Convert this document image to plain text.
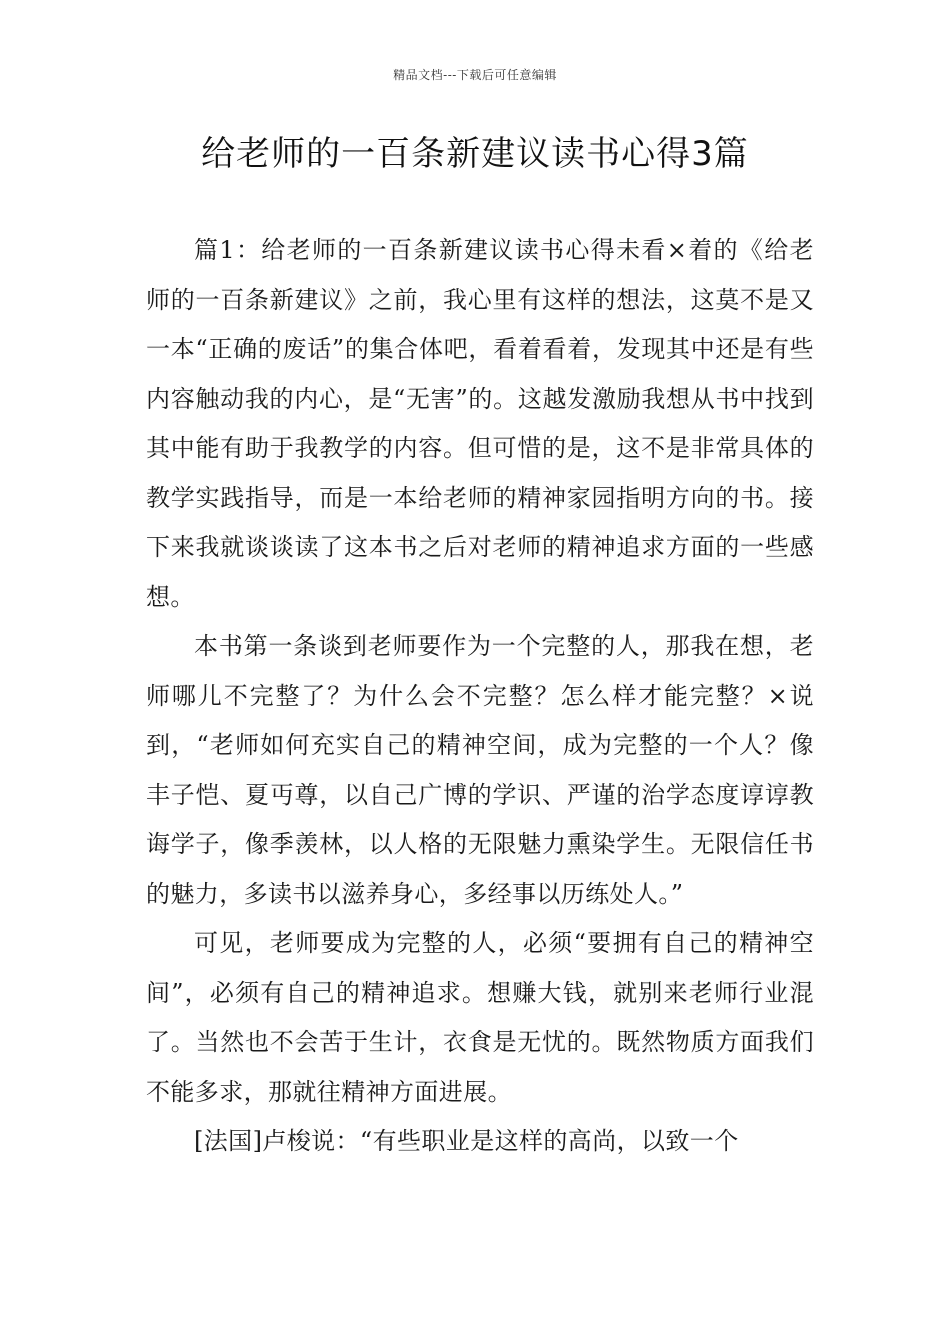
精品文档---下载后可任意编辑
给老师的一百条新建议读书心得3篇

篇1：给老师的一百条新建议读书心得未看×着的《给老师的一百条新建议》之前，我心里有这样的想法，这莫不是又一本“正确的废话”的集合体吧，看着看着，发现其中还是有些内容触动我的内心，是“无害”的。这越发激励我想从书中找到其中能有助于我教学的内容。但可惜的是，这不是非常具体的教学实践指导，而是一本给老师的精神家园指明方向的书。接下来我就谈谈读了这本书之后对老师的精神追求方面的一些感想。

本书第一条谈到老师要作为一个完整的人，那我在想，老师哪儿不完整了？为什么会不完整？怎么样才能完整？×说到，“老师如何充实自己的精神空间，成为完整的一个人？像丰子恺、夏丏尊，以自己广博的学识、严谨的治学态度谆谆教诲学子，像季羡林，以人格的无限魅力熏染学生。无限信任书的魅力，多读书以滋养身心，多经事以历练处人。”

可见，老师要成为完整的人，必须“要拥有自己的精神空间”，必须有自己的精神追求。想赚大钱，就别来老师行业混了。当然也不会苦于生计，衣食是无忧的。既然物质方面我们不能多求，那就往精神方面进展。

[法国]卢梭说：“有些职业是这样的高尚，以致一个
